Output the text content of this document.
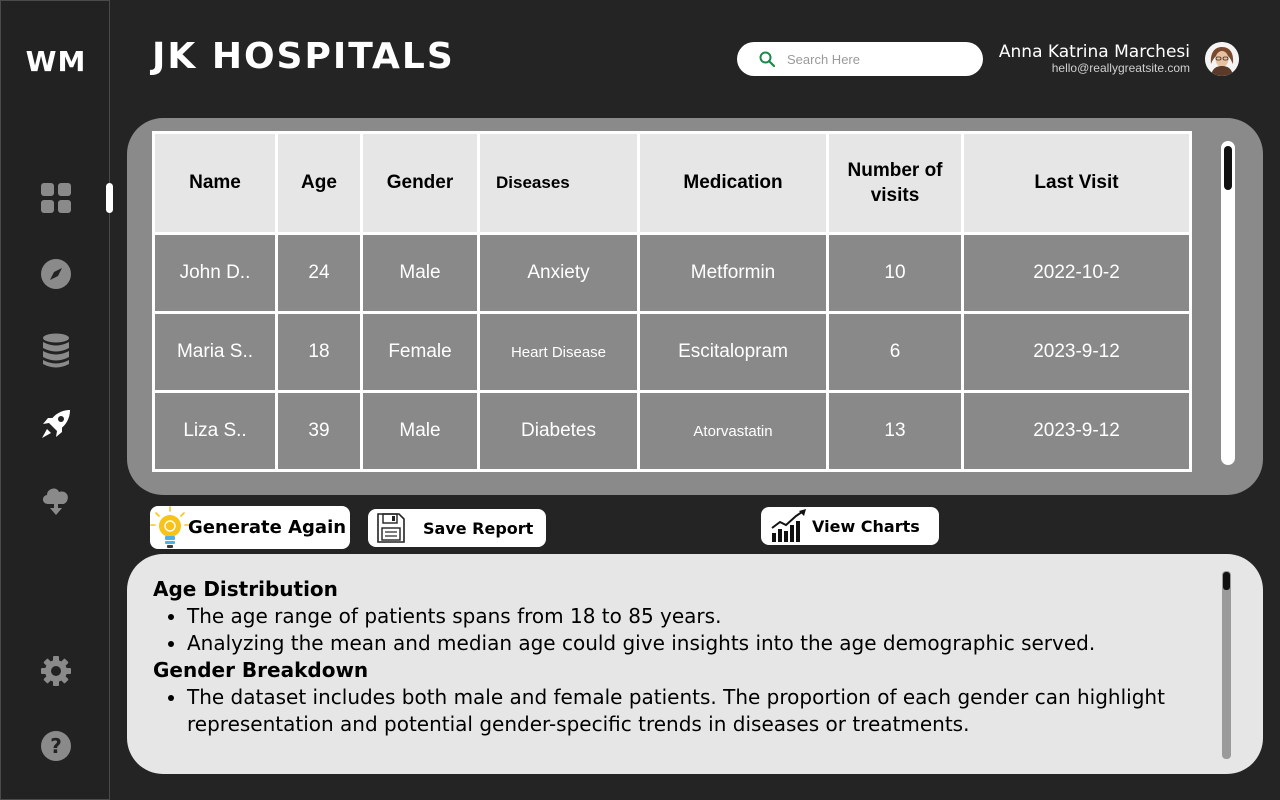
WM
?
JK HOSPITALS
Search Here	Anna Katrina Marchesi
hello@reallygreatsite.com
Name	Age	Gender	Diseases	Medication	Number of visits	Last Visit
John D..	24	Male	Anxiety	Metformin	10	2022-10-2
Maria S..	18	Female	Heart Disease	Escitalopram	6	2023-9-12
Liza S..	39	Male	Diabetes	Atorvastatin	13	2023-9-12
Generate Again	Save Report	View Charts
Age Distribution
• The age range of patients spans from 18 to 85 years.
• Analyzing the mean and median age could give insights into the age demographic served.
Gender Breakdown
• The dataset includes both male and female patients. The proportion of each gender can highlight representation and potential gender-specific trends in diseases or treatments.
